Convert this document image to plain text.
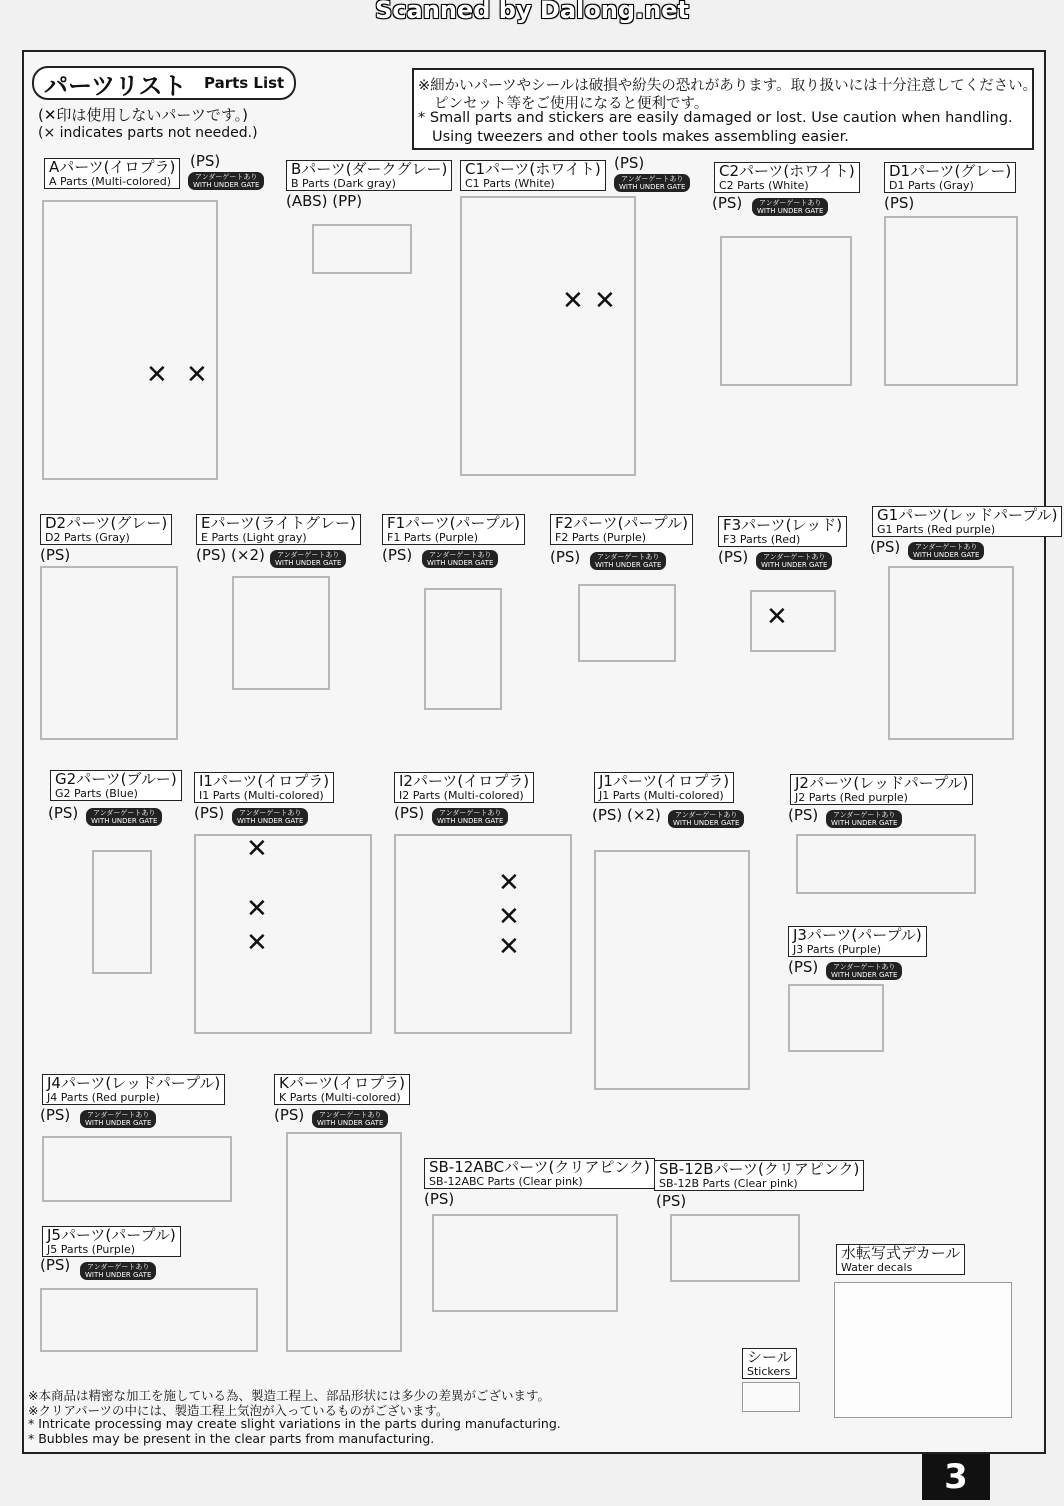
Scanned by Dalong.net
パーツリスト Parts List
(✕印は使用しないパーツです。)
(× indicates parts not needed.)
※細かいパーツやシールは破損や紛失の恐れがあります。取り扱いには十分注意してください。
ピンセット等をご使用になると便利です。
* Small parts and stickers are easily damaged or lost. Use caution when handling.
Using tweezers and other tools makes assembling easier.
Aパーツ(イロプラ)
A Parts (Multi-colored)
(PS)
アンダーゲートあり
WITH UNDER GATE
Bパーツ(ダークグレー)
B Parts (Dark gray)
(ABS) (PP)
C1パーツ(ホワイト)
C1 Parts (White)
(PS)
アンダーゲートあり
WITH UNDER GATE
C2パーツ(ホワイト)
C2 Parts (White)
(PS)	アンダーゲートあり
WITH UNDER GATE
D1パーツ(グレー)
D1 Parts (Gray)
(PS)
D2パーツ(グレー)
D2 Parts (Gray)
(PS)
Eパーツ(ライトグレー)
E Parts (Light gray)
(PS) (×2)	アンダーゲートあり
WITH UNDER GATE
F1パーツ(パープル)
F1 Parts (Purple)
(PS)	アンダーゲートあり
WITH UNDER GATE
F2パーツ(パープル)
F2 Parts (Purple)
(PS)	アンダーゲートあり
WITH UNDER GATE
F3パーツ(レッド)
F3 Parts (Red)
(PS)	アンダーゲートあり
WITH UNDER GATE
G1パーツ(レッドパープル)
G1 Parts (Red purple)
(PS)	アンダーゲートあり
WITH UNDER GATE
G2パーツ(ブルー)
G2 Parts (Blue)
(PS)	アンダーゲートあり
WITH UNDER GATE
I1パーツ(イロプラ)
I1 Parts (Multi-colored)
(PS)	アンダーゲートあり
WITH UNDER GATE
I2パーツ(イロプラ)
I2 Parts (Multi-colored)
(PS)	アンダーゲートあり
WITH UNDER GATE
J1パーツ(イロプラ)
J1 Parts (Multi-colored)
(PS) (×2)	アンダーゲートあり
WITH UNDER GATE
J2パーツ(レッドパープル)
J2 Parts (Red purple)
(PS)	アンダーゲートあり
WITH UNDER GATE
J3パーツ(パープル)
J3 Parts (Purple)
(PS)	アンダーゲートあり
WITH UNDER GATE
J4パーツ(レッドパープル)
J4 Parts (Red purple)
(PS)	アンダーゲートあり
WITH UNDER GATE
Kパーツ(イロプラ)
K Parts (Multi-colored)
(PS)	アンダーゲートあり
WITH UNDER GATE
J5パーツ(パープル)
J5 Parts (Purple)
(PS)	アンダーゲートあり
WITH UNDER GATE
SB-12ABCパーツ(クリアピンク)
SB-12ABC Parts (Clear pink)
(PS)
SB-12Bパーツ(クリアピンク)
SB-12B Parts (Clear pink)
(PS)
水転写式デカール
Water decals
シール
Stickers
✕ ✕
✕ ✕
✕
✕
✕
✕
✕
✕
✕
※本商品は精密な加工を施している為、製造工程上、部品形状には多少の差異がございます。
※クリアパーツの中には、製造工程上気泡が入っているものがございます。
* Intricate processing may create slight variations in the parts during manufacturing.
* Bubbles may be present in the clear parts from manufacturing.
3
